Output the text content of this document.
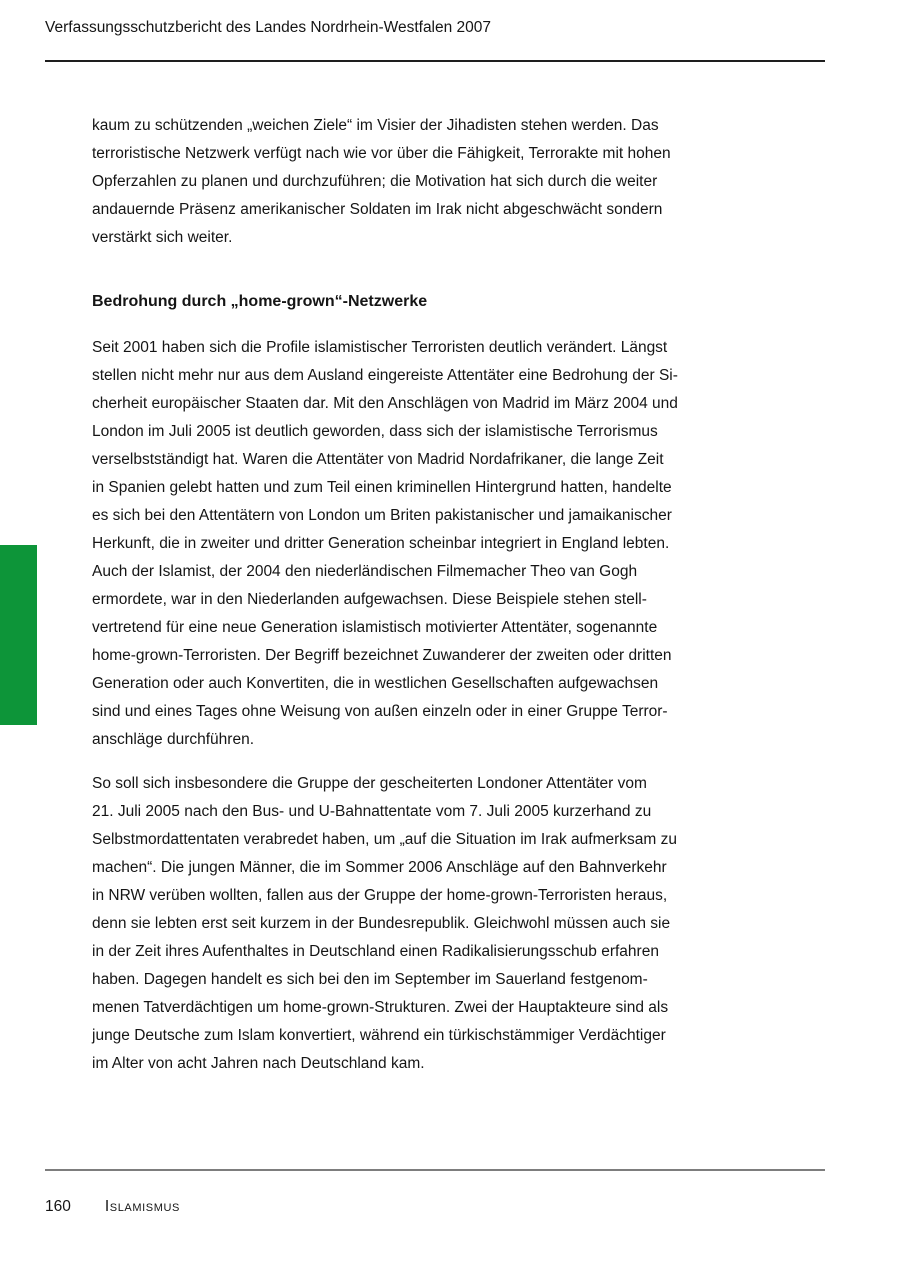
Verfassungsschutzbericht des Landes Nordrhein-Westfalen 2007
kaum zu schützenden „weichen Ziele“ im Visier der Jihadisten stehen werden. Das
terroristische Netzwerk verfügt nach wie vor über die Fähigkeit, Terrorakte mit hohen
Opferzahlen zu planen und durchzuführen; die Motivation hat sich durch die weiter
andauernde Präsenz amerikanischer Soldaten im Irak nicht abgeschwächt sondern
verstärkt sich weiter.
Bedrohung durch „home-grown“-Netzwerke
Seit 2001 haben sich die Profile islamistischer Terroristen deutlich verändert. Längst
stellen nicht mehr nur aus dem Ausland eingereiste Attentäter eine Bedrohung der Si-
cherheit europäischer Staaten dar. Mit den Anschlägen von Madrid im März 2004 und
London im Juli 2005 ist deutlich geworden, dass sich der islamistische Terrorismus
verselbstständigt hat. Waren die Attentäter von Madrid Nordafrikaner, die lange Zeit
in Spanien gelebt hatten und zum Teil einen kriminellen Hintergrund hatten, handelte
es sich bei den Attentätern von London um Briten pakistanischer und jamaikanischer
Herkunft, die in zweiter und dritter Generation scheinbar integriert in England lebten.
Auch der Islamist, der 2004 den niederländischen Filmemacher Theo van Gogh
ermordete, war in den Niederlanden aufgewachsen. Diese Beispiele stehen stell-
vertretend für eine neue Generation islamistisch motivierter Attentäter, sogenannte
home-grown-Terroristen. Der Begriff bezeichnet Zuwanderer der zweiten oder dritten
Generation oder auch Konvertiten, die in westlichen Gesellschaften aufgewachsen
sind und eines Tages ohne Weisung von außen einzeln oder in einer Gruppe Terror-
anschläge durchführen.
So soll sich insbesondere die Gruppe der gescheiterten Londoner Attentäter vom
21. Juli 2005 nach den Bus- und U-Bahnattentate vom 7. Juli 2005 kurzerhand zu
Selbstmordattentaten verabredet haben, um „auf die Situation im Irak aufmerksam zu
machen“. Die jungen Männer, die im Sommer 2006 Anschläge auf den Bahnverkehr
in NRW verüben wollten, fallen aus der Gruppe der home-grown-Terroristen heraus,
denn sie lebten erst seit kurzem in der Bundesrepublik. Gleichwohl müssen auch sie
in der Zeit ihres Aufenthaltes in Deutschland einen Radikalisierungsschub erfahren
haben. Dagegen handelt es sich bei den im September im Sauerland festgenom-
menen Tatverdächtigen um home-grown-Strukturen. Zwei der Hauptakteure sind als
junge Deutsche zum Islam konvertiert, während ein türkischstämmiger Verdächtiger
im Alter von acht Jahren nach Deutschland kam.
160 Islamismus
